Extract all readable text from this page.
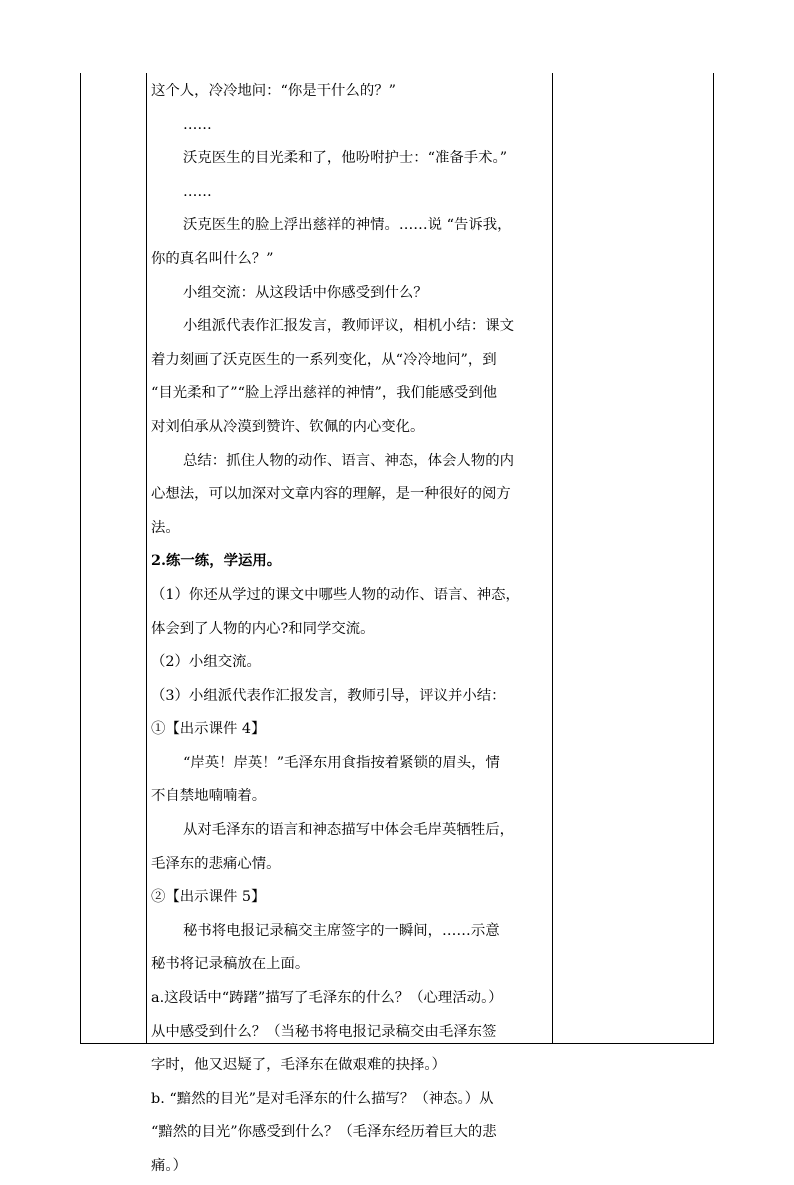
这个人，冷冷地问：“你是干什么的？”
……
沃克医生的目光柔和了，他吩咐护士：“准备手术。”
……
沃克医生的脸上浮出慈祥的神情。……说 “告诉我，
你的真名叫什么？”
小组交流：从这段话中你感受到什么？
小组派代表作汇报发言，教师评议，相机小结：课文
着力刻画了沃克医生的一系列变化，从“冷冷地问”，到
“目光柔和了”“脸上浮出慈祥的神情”，我们能感受到他
对刘伯承从冷漠到赞许、钦佩的内心变化。
总结：抓住人物的动作、语言、神态，体会人物的内
心想法，可以加深对文章内容的理解，是一种很好的阅方
法。
2.练一练，学运用。
（1）你还从学过的课文中哪些人物的动作、语言、神态，
体会到了人物的内心?和同学交流。
（2）小组交流。
（3）小组派代表作汇报发言，教师引导，评议并小结：
①【出示课件 4】
“岸英！岸英！”毛泽东用食指按着紧锁的眉头，情
不自禁地喃喃着。
从对毛泽东的语言和神态描写中体会毛岸英牺牲后，
毛泽东的悲痛心情。
②【出示课件 5】
秘书将电报记录稿交主席签字的一瞬间，……示意
秘书将记录稿放在上面。
a.这段话中“踌躇”描写了毛泽东的什么？（心理活动。）
从中感受到什么？（当秘书将电报记录稿交由毛泽东签
字时，他又迟疑了，毛泽东在做艰难的抉择。）
b. “黯然的目光”是对毛泽东的什么描写？（神态。）从
“黯然的目光”你感受到什么？（毛泽东经历着巨大的悲
痛。）
